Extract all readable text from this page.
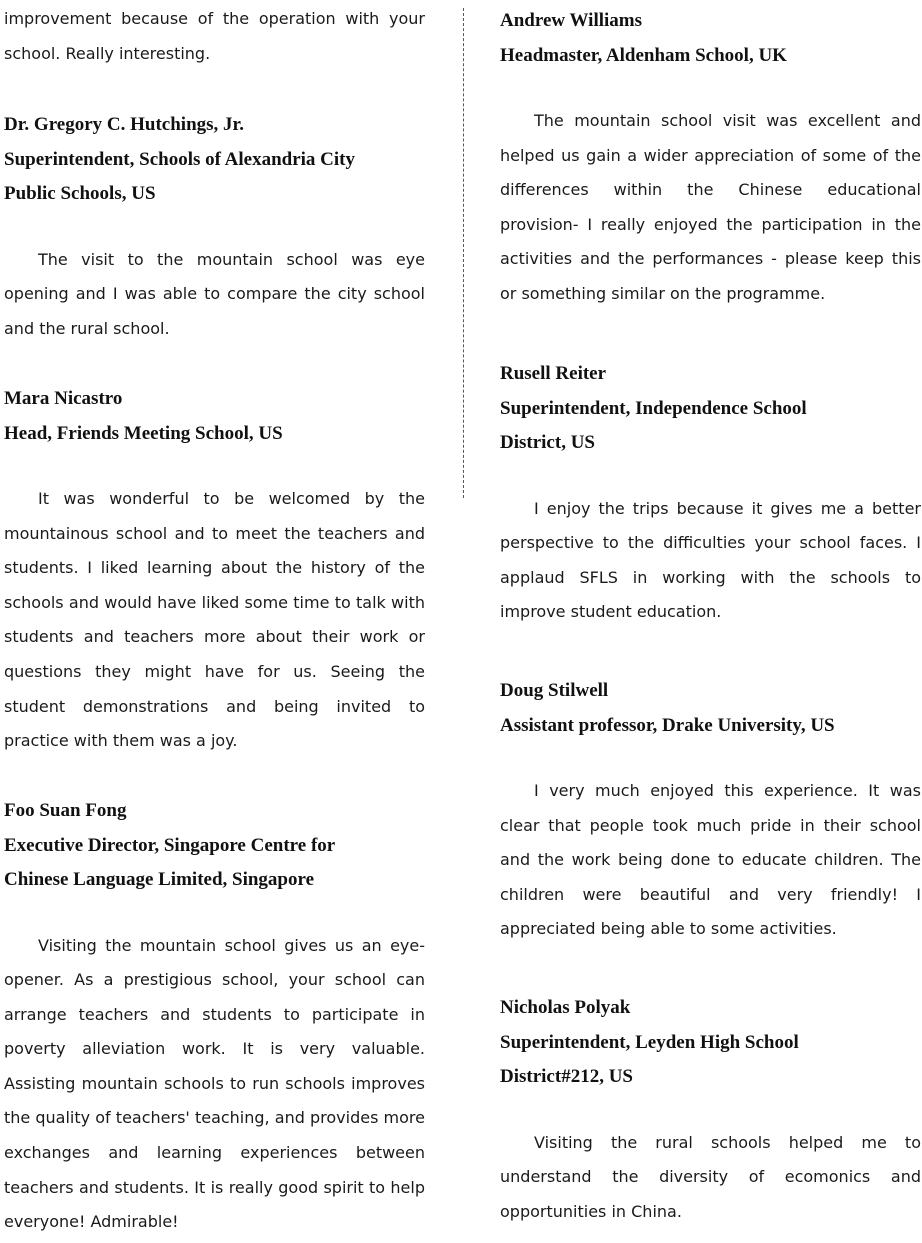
improvement because of the operation with your school. Really interesting.

Dr. Gregory C. Hutchings, Jr.

Superintendent, Schools of Alexandria City

Public Schools, US

The visit to the mountain school was eye opening and I was able to compare the city school and the rural school.

Mara Nicastro

Head, Friends Meeting School, US

It was wonderful to be welcomed by the mountainous school and to meet the teachers and students. I liked learning about the history of the schools and would have liked some time to talk with students and teachers more about their work or questions they might have for us. Seeing the student demonstrations and being invited to practice with them was a joy.

Foo Suan Fong

Executive Director, Singapore Centre for

Chinese Language Limited, Singapore

Visiting the mountain school gives us an eye-opener. As a prestigious school, your school can arrange teachers and students to participate in poverty alleviation work. It is very valuable. Assisting mountain schools to run schools improves the quality of teachers' teaching, and provides more exchanges and learning experiences between teachers and students. It is really good spirit to help everyone! Admirable!

Andrew Williams

Headmaster, Aldenham School, UK

The mountain school visit was excellent and helped us gain a wider appreciation of some of the differences within the Chinese educational provision- I really enjoyed the participation in the activities and the performances - please keep this or something similar on the programme.

Rusell Reiter

Superintendent, Independence School

District, US

I enjoy the trips because it gives me a better perspective to the difficulties your school faces. I applaud SFLS in working with the schools to improve student education.

Doug Stilwell

Assistant professor, Drake University, US

I very much enjoyed this experience. It was clear that people took much pride in their school and the work being done to educate children. The children were beautiful and very friendly! I appreciated being able to some activities.

Nicholas Polyak

Superintendent, Leyden High School

District#212, US

Visiting the rural schools helped me to understand the diversity of ecomonics and opportunities in China.
